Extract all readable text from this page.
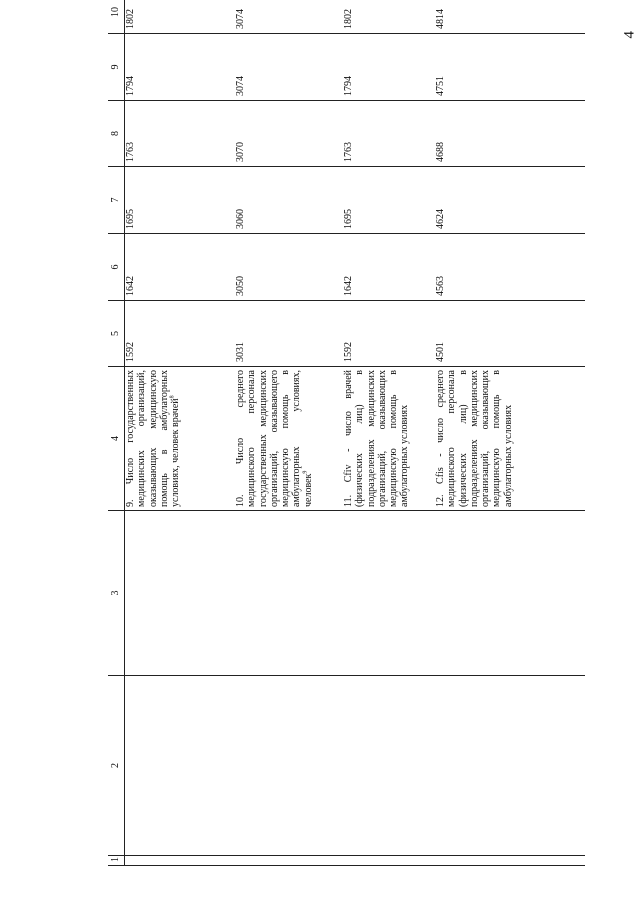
4
1	2	3	4	5	6	7	8	9	10
			9. Число государственных медицинских организаций, оказывающих медицинскую помощь в амбулаторных условиях, человек врачей$^8$	1592	1642	1695	1763	1794	1802
			10. Число среднего медицинского персонала государственных медицинских организаций, оказывающего медицинскую помощь в амбулаторных условиях, человек$^9$	3031	3050	3060	3070	3074	3074
			11. Cfiv - число врачей (физических лиц) в подразделениях медицинских организаций, оказывающих медицинскую помощь в амбулаторных условиях	1592	1642	1695	1763	1794	1802
			12. Cfis - число среднего медицинского персонала (физических лиц) в подразделениях медицинских организаций, оказывающих медицинскую помощь в амбулаторных условиях	4501	4563	4624	4688	4751	4814
